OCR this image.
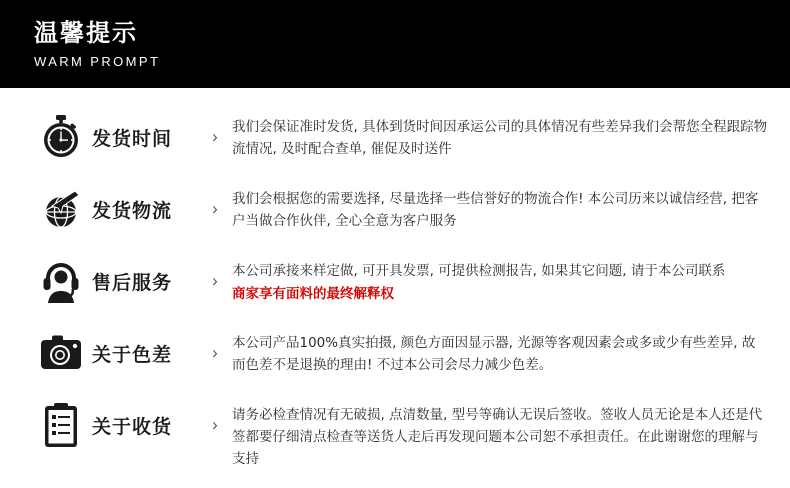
温馨提示
WARM PROMPT
发货时间 › 我们会保证准时发货, 具体到货时间因承运公司的具体情况有些差异我们会帮您全程跟踪物流情况, 及时配合查单, 催促及时送件
发货物流 › 我们会根据您的需要选择, 尽量选择一些信誉好的物流合作! 本公司历来以诚信经营, 把客户当做合作伙伴, 全心全意为客户服务
售后服务 › 本公司承接来样定做, 可开具发票, 可提供检测报告, 如果其它问题, 请于本公司联系
商家享有面料的最终解释权
关于色差 › 本公司产品100%真实拍摄, 颜色方面因显示器, 光源等客观因素会或多或少有些差异, 故而色差不是退换的理由! 不过本公司会尽力减少色差。
关于收货 › 请务必检查情况有无破损, 点清数量, 型号等确认无误后签收。签收人员无论是本人还是代签都要仔细清点检查等送货人走后再发现问题本公司恕不承担责任。在此谢谢您的理解与支持
